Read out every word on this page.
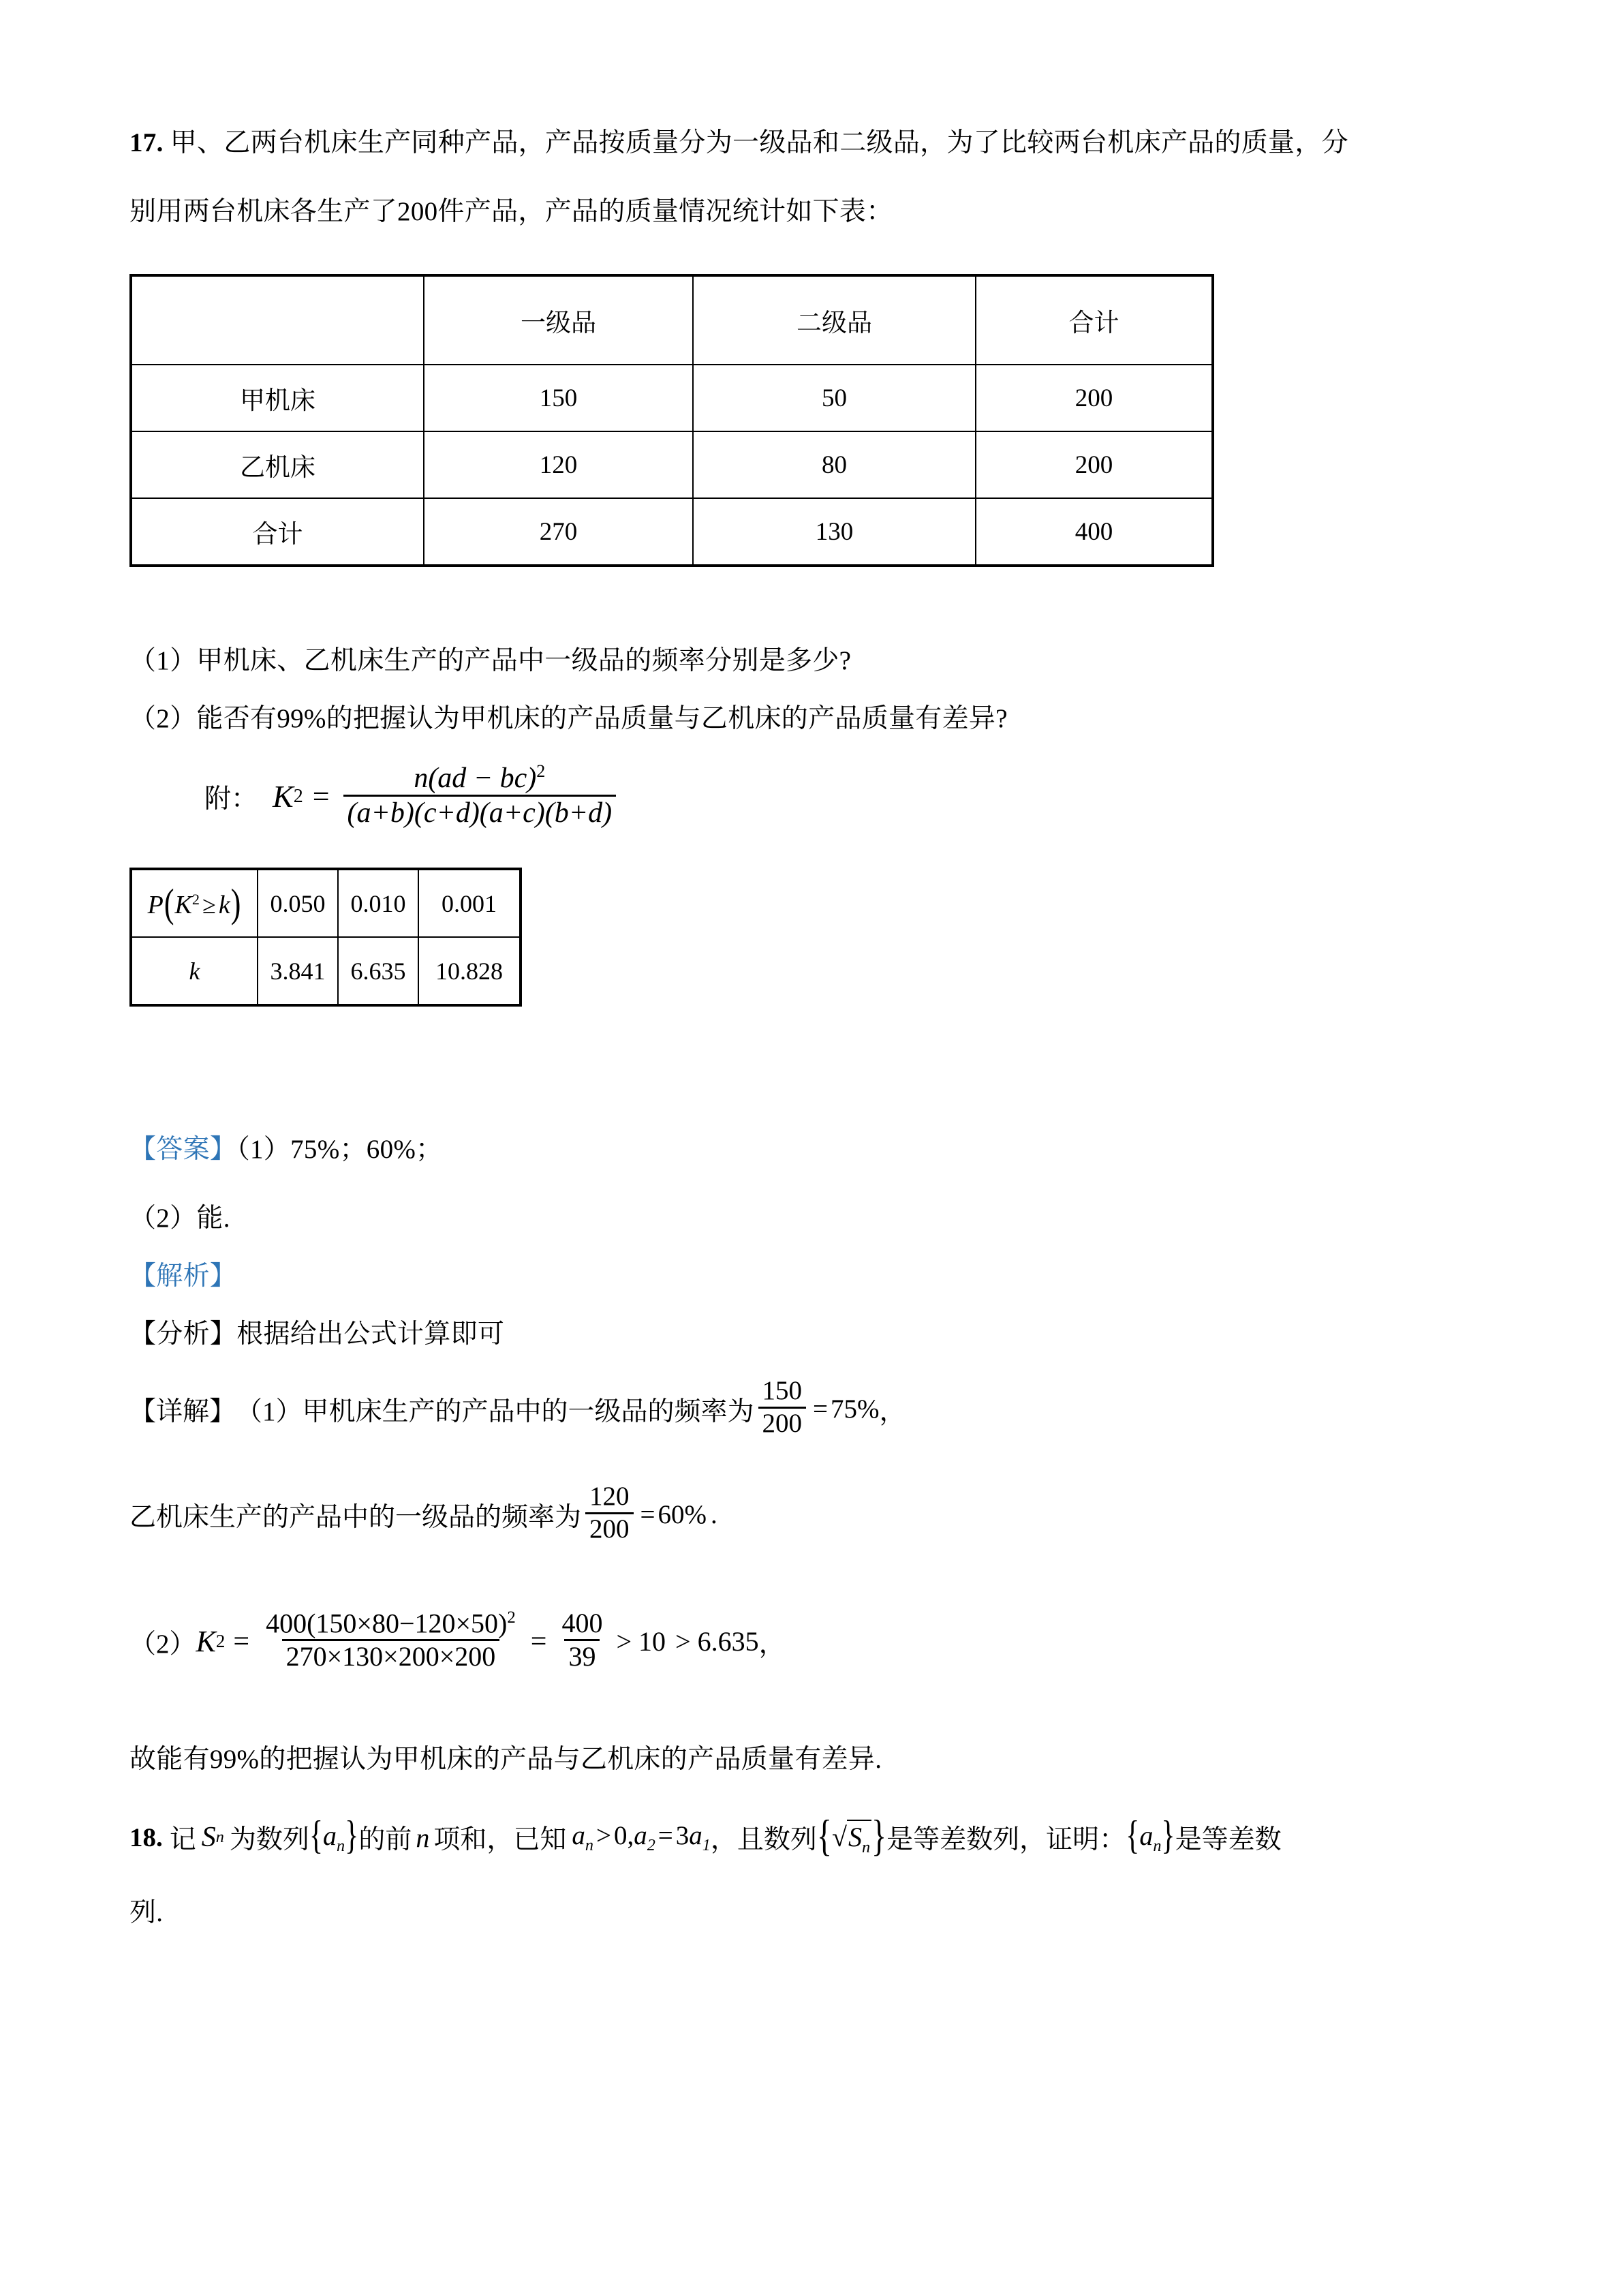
17. 甲、乙两台机床生产同种产品，产品按质量分为一级品和二级品，为了比较两台机床产品的质量，分
别用两台机床各生产了200件产品，产品的质量情况统计如下表：
	一级品	二级品	合计
甲机床	150	50	200
乙机床	120	80	200
合计	270	130	400
（1）甲机床、乙机床生产的产品中一级品的频率分别是多少?
（2）能否有99%的把握认为甲机床的产品质量与乙机床的产品质量有差异?
附： K $2 = \frac{n(ad - bc)^2}{(a+b)(c+d)(a+c)(b+d)}$
$P(K^2 \ge k)$	0.050	0.010	0.001
k	3.841	6.635	10.828
【答案】（1）75%；60%；
（2）能.
【解析】
【分析】根据给出公式计算即可
【详解】 （1）甲机床生产的产品中的一级品的频率为 $\frac{150}{200} = 75\%$ ，
乙机床生产的产品中的一级品的频率为 $\frac{120}{200} = 60\%$ .
（2） K $2 = \frac{400(150\times 80-120\times 50)^2}{270\times 130\times 200\times 200} = \frac{400}{39} > 10 > 6.635$ ，
故能有99%的把握认为甲机床的产品与乙机床的产品质量有差异.
18. 记 S n 为数列 $\{a_n\}$ 的前 n 项和，已知 $a_n > 0,a_2 = 3a_1$ ，且数列 $\{√S_n\}$ 是等差数列，证明： $\{a_n\}$ 是等差数
列.
